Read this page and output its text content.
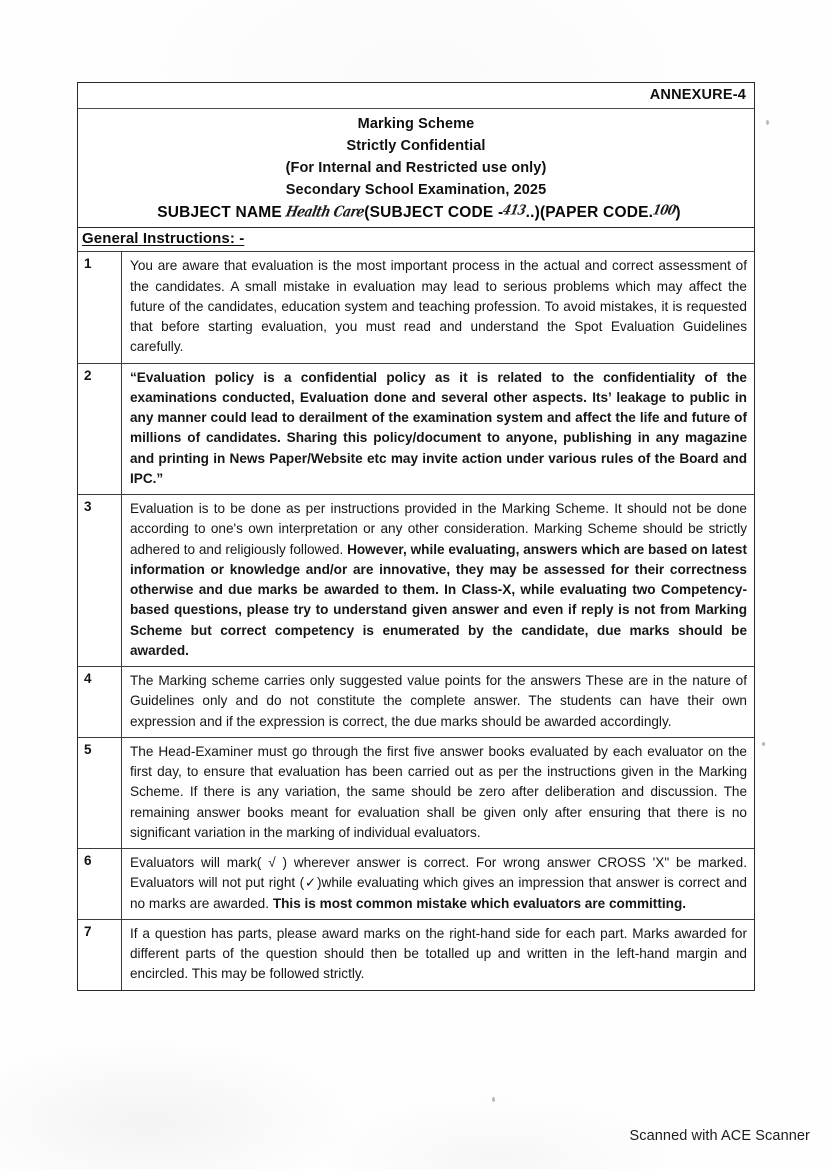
ANNEXURE-4
Marking Scheme
Strictly Confidential
(For Internal and Restricted use only)
Secondary School Examination, 2025
SUBJECT NAME Health Care(SUBJECT CODE -413..)(PAPER CODE.100)
General Instructions: -
1	You are aware that evaluation is the most important process in the actual and correct assessment of the candidates. A small mistake in evaluation may lead to serious problems which may affect the future of the candidates, education system and teaching profession. To avoid mistakes, it is requested that before starting evaluation, you must read and understand the Spot Evaluation Guidelines carefully.

2	“Evaluation policy is a confidential policy as it is related to the confidentiality of the examinations conducted, Evaluation done and several other aspects. Its’ leakage to public in any manner could lead to derailment of the examination system and affect the life and future of millions of candidates. Sharing this policy/document to anyone, publishing in any magazine and printing in News Paper/Website etc may invite action under various rules of the Board and IPC.”

3	Evaluation is to be done as per instructions provided in the Marking Scheme. It should not be done according to one's own interpretation or any other consideration. Marking Scheme should be strictly adhered to and religiously followed. However, while evaluating, answers which are based on latest information or knowledge and/or are innovative, they may be assessed for their correctness otherwise and due marks be awarded to them. In Class-X, while evaluating two Competency-based questions, please try to understand given answer and even if reply is not from Marking Scheme but correct competency is enumerated by the candidate, due marks should be awarded.

4	The Marking scheme carries only suggested value points for the answers These are in the nature of Guidelines only and do not constitute the complete answer. The students can have their own expression and if the expression is correct, the due marks should be awarded accordingly.

5	The Head-Examiner must go through the first five answer books evaluated by each evaluator on the first day, to ensure that evaluation has been carried out as per the instructions given in the Marking Scheme. If there is any variation, the same should be zero after deliberation and discussion. The remaining answer books meant for evaluation shall be given only after ensuring that there is no significant variation in the marking of individual evaluators.

6	Evaluators will mark( √ ) wherever answer is correct. For wrong answer CROSS 'X" be marked. Evaluators will not put right (✓)while evaluating which gives an impression that answer is correct and no marks are awarded. This is most common mistake which evaluators are committing.

7	If a question has parts, please award marks on the right-hand side for each part. Marks awarded for different parts of the question should then be totalled up and written in the left-hand margin and encircled. This may be followed strictly.

Scanned with ACE Scanner
